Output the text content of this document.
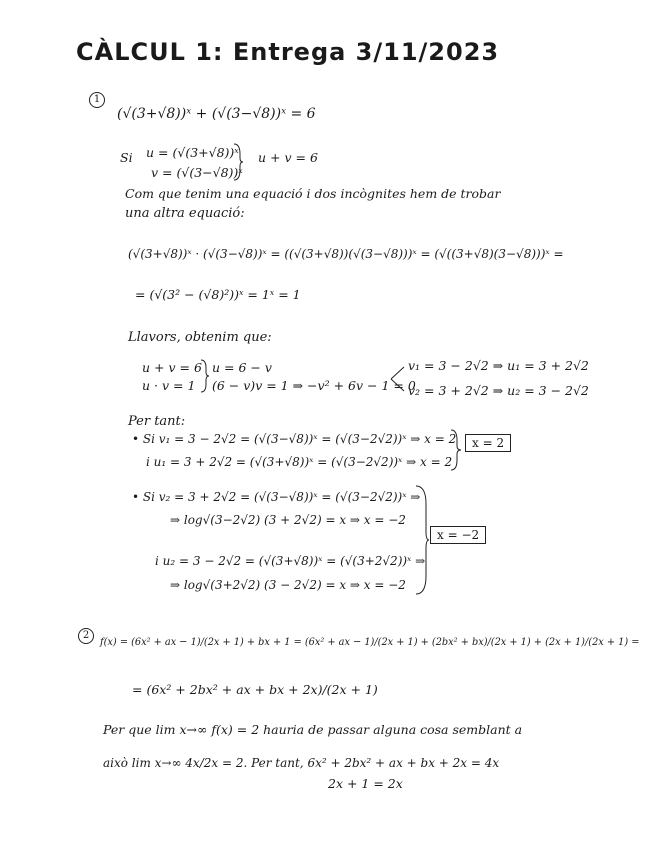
CÀLCUL 1: Entrega 3/11/2023
1
(√(3+√8))ˣ + (√(3−√8))ˣ = 6
Si u = (√(3+√8))ˣ
v = (√(3−√8))ˣ
u + v = 6
Com que tenim una equació i dos incògnites hem de trobar
una altra equació:
(√(3+√8))ˣ · (√(3−√8))ˣ = ((√(3+√8))(√(3−√8)))ˣ = (√((3+√8)(3−√8)))ˣ =
= (√(3² − (√8)²))ˣ = 1ˣ = 1
Llavors, obtenim que:
u + v = 6
u · v = 1
u = 6 − v
(6 − v)v = 1 ⇒ −v² + 6v − 1 = 0
v₁ = 3 − 2√2 ⇒ u₁ = 3 + 2√2
v₂ = 3 + 2√2 ⇒ u₂ = 3 − 2√2
Per tant:
• Si v₁ = 3 − 2√2 = (√(3−√8))ˣ = (√(3−2√2))ˣ ⇒ x = 2
i u₁ = 3 + 2√2 = (√(3+√8))ˣ = (√(3−2√2))ˣ ⇒ x = 2
x = 2
• Si v₂ = 3 + 2√2 = (√(3−√8))ˣ = (√(3−2√2))ˣ ⇒
⇒ log√(3−2√2) (3 + 2√2) = x ⇒ x = −2
i u₂ = 3 − 2√2 = (√(3+√8))ˣ = (√(3+2√2))ˣ ⇒
⇒ log√(3+2√2) (3 − 2√2) = x ⇒ x = −2
x = −2
2
f(x) = (6x² + ax − 1)/(2x + 1) + bx + 1 = (6x² + ax − 1)/(2x + 1) + (2bx² + bx)/(2x + 1) + (2x + 1)/(2x + 1) =
= (6x² + 2bx² + ax + bx + 2x)/(2x + 1)
Per que lim x→∞ f(x) = 2 hauria de passar alguna cosa semblant a
això lim x→∞ 4x/2x = 2. Per tant, 6x² + 2bx² + ax + bx + 2x = 4x
2x + 1 = 2x
